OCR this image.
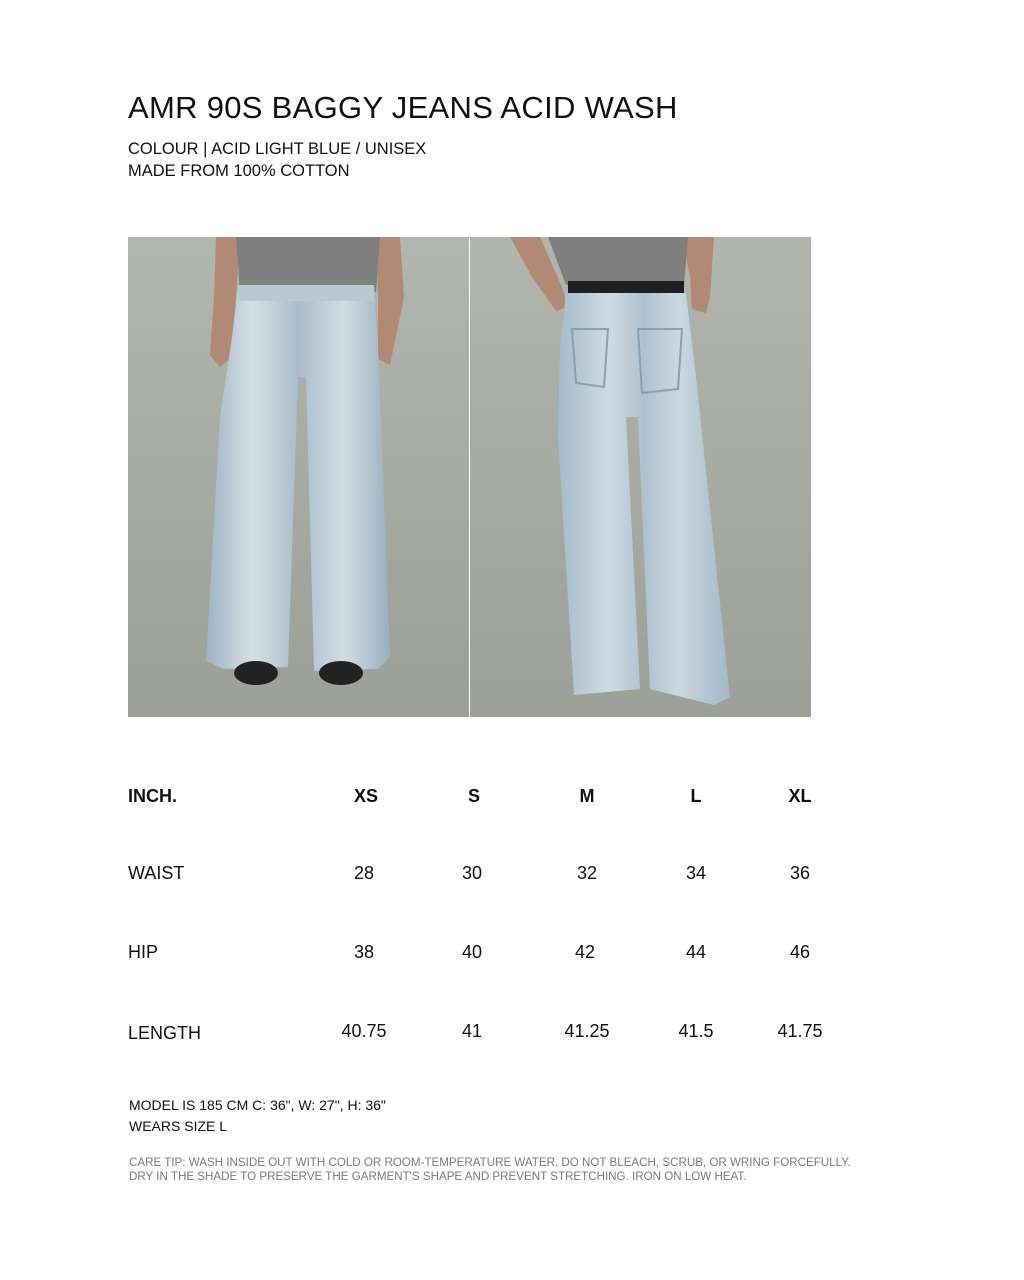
AMR 90S BAGGY JEANS ACID WASH
COLOUR | ACID LIGHT BLUE / UNISEX
MADE FROM 100% COTTON
INCH.	XS	S	M	L	XL
WAIST	28	30	32	34	36
HIP	38	40	42	44	46
LENGTH	40.75	41	41.25	41.5	41.75
MODEL IS 185 CM C: 36", W: 27", H: 36"
WEARS SIZE L
CARE TIP: WASH INSIDE OUT WITH COLD OR ROOM-TEMPERATURE WATER. DO NOT BLEACH, SCRUB, OR WRING FORCEFULLY.
DRY IN THE SHADE TO PRESERVE THE GARMENT'S SHAPE AND PREVENT STRETCHING. IRON ON LOW HEAT.
